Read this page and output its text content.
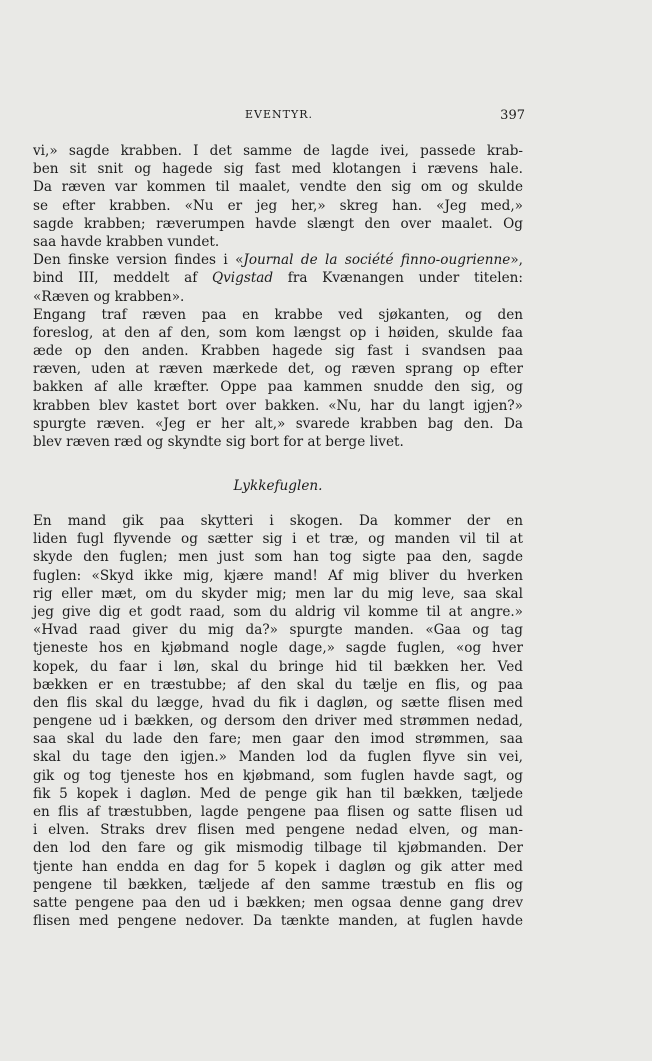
EVENTYR.	397
vi,» sagde krabben. I det samme de lagde ivei, passede krab-
ben sit snit og hagede sig fast med klotangen i rævens hale.
Da ræven var kommen til maalet, vendte den sig om og skulde
se efter krabben. «Nu er jeg her,» skreg han. «Jeg med,»
sagde krabben; ræverumpen havde slængt den over maalet. Og
saa havde krabben vundet.
Den finske version findes i «Journal de la société finno-ougrienne»,
bind III, meddelt af Qvigstad fra Kvænangen under titelen:
«Ræven og krabben».
Engang traf ræven paa en krabbe ved sjøkanten, og den
foreslog, at den af den, som kom længst op i høiden, skulde faa
æde op den anden. Krabben hagede sig fast i svandsen paa
ræven, uden at ræven mærkede det, og ræven sprang op efter
bakken af alle kræfter. Oppe paa kammen snudde den sig, og
krabben blev kastet bort over bakken. «Nu, har du langt igjen?»
spurgte ræven. «Jeg er her alt,» svarede krabben bag den. Da
blev ræven ræd og skyndte sig bort for at berge livet.
Lykkefuglen.
En mand gik paa skytteri i skogen. Da kommer der en
liden fugl flyvende og sætter sig i et træ, og manden vil til at
skyde den fuglen; men just som han tog sigte paa den, sagde
fuglen: «Skyd ikke mig, kjære mand! Af mig bliver du hverken
rig eller mæt, om du skyder mig; men lar du mig leve, saa skal
jeg give dig et godt raad, som du aldrig vil komme til at angre.»
«Hvad raad giver du mig da?» spurgte manden. «Gaa og tag
tjeneste hos en kjøbmand nogle dage,» sagde fuglen, «og hver
kopek, du faar i løn, skal du bringe hid til bækken her. Ved
bækken er en træstubbe; af den skal du tælje en flis, og paa
den flis skal du lægge, hvad du fik i dagløn, og sætte flisen med
pengene ud i bækken, og dersom den driver med strømmen nedad,
saa skal du lade den fare; men gaar den imod strømmen, saa
skal du tage den igjen.» Manden lod da fuglen flyve sin vei,
gik og tog tjeneste hos en kjøbmand, som fuglen havde sagt, og
fik 5 kopek i dagløn. Med de penge gik han til bækken, tæljede
en flis af træstubben, lagde pengene paa flisen og satte flisen ud
i elven. Straks drev flisen med pengene nedad elven, og man-
den lod den fare og gik mismodig tilbage til kjøbmanden. Der
tjente han endda en dag for 5 kopek i dagløn og gik atter med
pengene til bækken, tæljede af den samme træstub en flis og
satte pengene paa den ud i bækken; men ogsaa denne gang drev
flisen med pengene nedover. Da tænkte manden, at fuglen havde
